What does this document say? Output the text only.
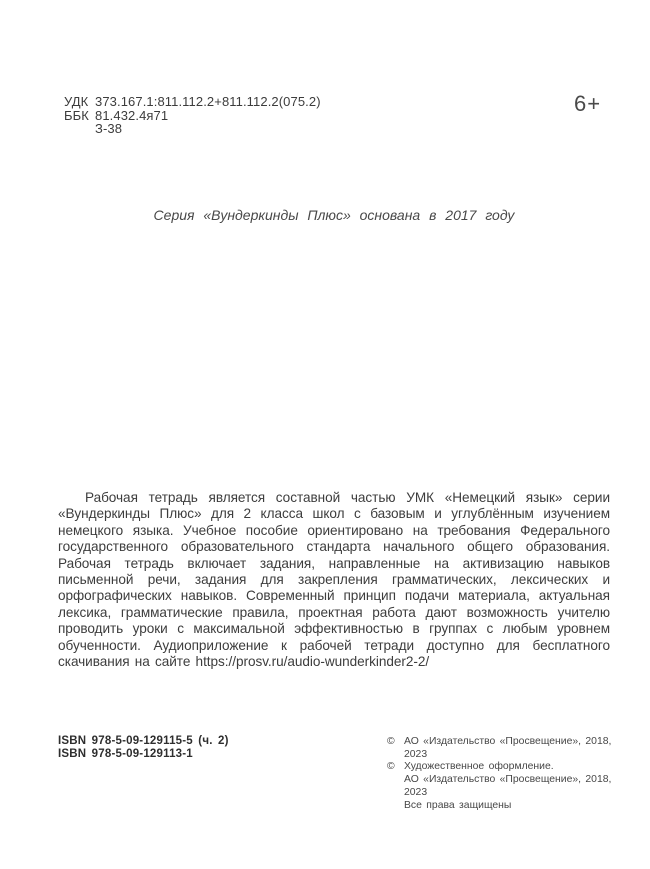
УДК 373.167.1:811.112.2+811.112.2(075.2)
ББК 81.432.4я71
З-38
6+
Серия «Вундеркинды Плюс» основана в 2017 году

Рабочая тетрадь является составной частью УМК «Немецкий язык» серии «Вундеркинды Плюс» для 2 класса школ с базовым и углублённым изучением немецкого языка. Учебное пособие ориентировано на требования Федерального государственного образовательного стандарта начального общего образования. Рабочая тетрадь включает задания, направленные на активизацию навыков письменной речи, задания для закрепления грамматических, лексических и орфографических навыков. Современный принцип подачи материала, актуальная лексика, грамматические правила, проектная работа дают возможность учителю проводить уроки с максимальной эффективностью в группах с любым уровнем обученности. Аудиоприложение к рабочей тетради доступно для бесплатного скачивания на сайте https://prosv.ru/audio-wunderkinder2-2/

ISBN 978-5-09-129115-5 (ч. 2)
ISBN 978-5-09-129113-1
© АО «Издательство «Просвещение», 2018, 2023
© Художественное оформление.
АО «Издательство «Просвещение», 2018, 2023
Все права защищены
